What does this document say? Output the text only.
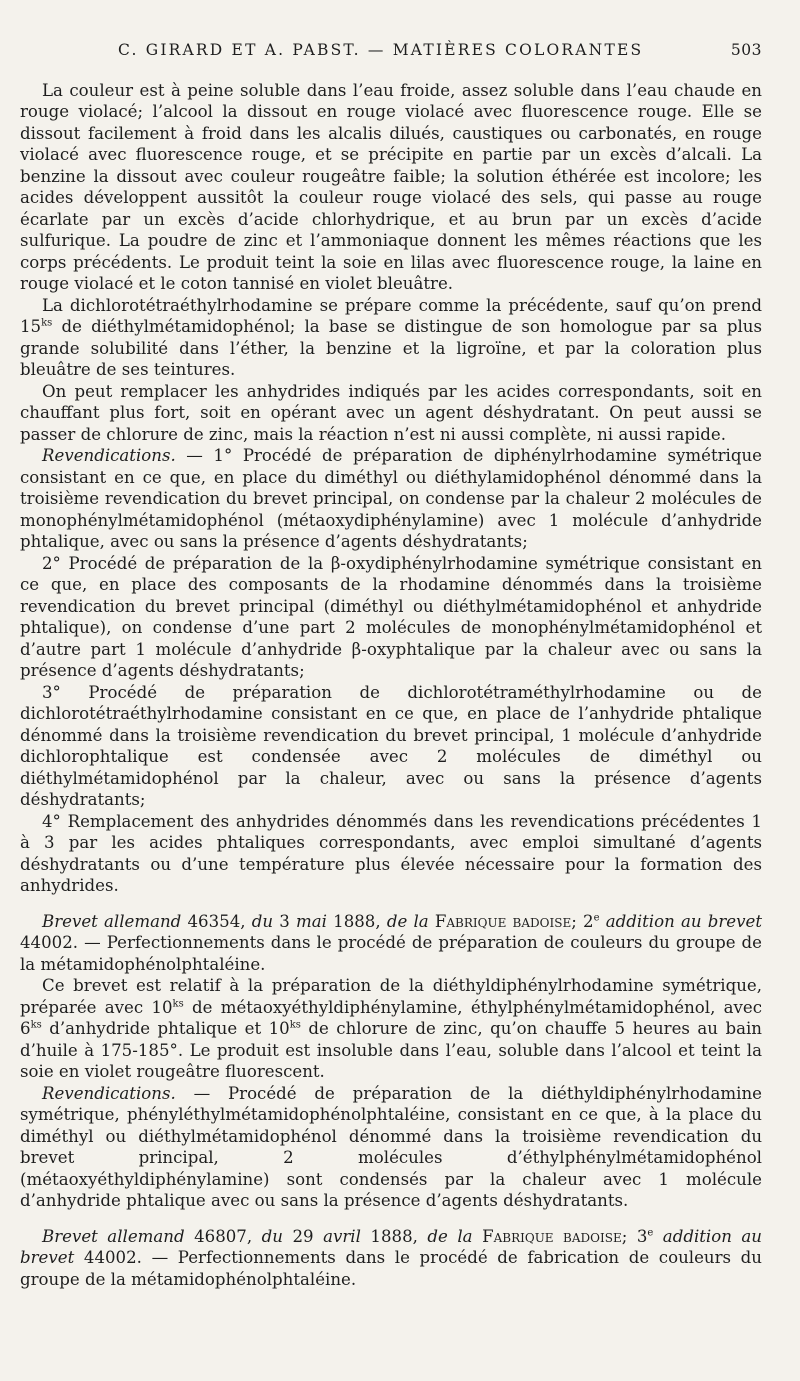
C. GIRARD ET A. PABST. — MATIÈRES COLORANTES	503

La couleur est à peine soluble dans l’eau froide, assez soluble dans l’eau chaude en rouge violacé; l’alcool la dissout en rouge violacé avec fluorescence rouge. Elle se dissout facilement à froid dans les alcalis dilués, caustiques ou carbonatés, en rouge violacé avec fluorescence rouge, et se précipite en partie par un excès d’alcali. La benzine la dissout avec couleur rougeâtre faible; la solution éthérée est incolore; les acides développent aussitôt la couleur rouge violacé des sels, qui passe au rouge écarlate par un excès d’acide chlorhydrique, et au brun par un excès d’acide sulfurique. La poudre de zinc et l’ammoniaque donnent les mêmes réactions que les corps précédents. Le produit teint la soie en lilas avec fluorescence rouge, la laine en rouge violacé et le coton tannisé en violet bleuâtre.

La dichlorotétraéthylrhodamine se prépare comme la précédente, sauf qu’on prend $15^{ks}$ de diéthylmétamidophénol; la base se distingue de son homologue par sa plus grande solubilité dans l’éther, la benzine et la ligroïne, et par la coloration plus bleuâtre de ses teintures.

On peut remplacer les anhydrides indiqués par les acides correspondants, soit en chauffant plus fort, soit en opérant avec un agent déshydratant. On peut aussi se passer de chlorure de zinc, mais la réaction n’est ni aussi complète, ni aussi rapide.

Revendications. — 1° Procédé de préparation de diphénylrhodamine symétrique consistant en ce que, en place du diméthyl ou diéthylamidophénol dénommé dans la troisième revendication du brevet principal, on condense par la chaleur 2 molécules de monophénylmétamidophénol (métaoxydiphénylamine) avec 1 molécule d’anhydride phtalique, avec ou sans la présence d’agents déshydratants;

2° Procédé de préparation de la β-oxydiphénylrhodamine symétrique consistant en ce que, en place des composants de la rhodamine dénommés dans la troisième revendication du brevet principal (diméthyl ou diéthylmétamidophénol et anhydride phtalique), on condense d’une part 2 molécules de monophénylmétamidophénol et d’autre part 1 molécule d’anhydride β-oxyphtalique par la chaleur avec ou sans la présence d’agents déshydratants;

3° Procédé de préparation de dichlorotétraméthylrhodamine ou de dichlorotétraéthylrhodamine consistant en ce que, en place de l’anhydride phtalique dénommé dans la troisième revendication du brevet principal, 1 molécule d’anhydride dichlorophtalique est condensée avec 2 molécules de diméthyl ou diéthylmétamidophénol par la chaleur, avec ou sans la présence d’agents déshydratants;

4° Remplacement des anhydrides dénommés dans les revendications précédentes 1 à 3 par les acides phtaliques correspondants, avec emploi simultané d’agents déshydratants ou d’une température plus élevée nécessaire pour la formation des anhydrides.

Brevet allemand 46354, du 3 mai 1888, de la Fabrique badoise; 2e addition au brevet 44002. — Perfectionnements dans le procédé de préparation de couleurs du groupe de la métamidophénolphtaléine.

Ce brevet est relatif à la préparation de la diéthyldiphénylrhodamine symétrique, préparée avec $10^{ks}$ de métaoxyéthyldiphénylamine, éthylphénylmétamidophénol, avec $6^{ks}$ d’anhydride phtalique et $10^{ks}$ de chlorure de zinc, qu’on chauffe 5 heures au bain d’huile à 175-185°. Le produit est insoluble dans l’eau, soluble dans l’alcool et teint la soie en violet rougeâtre fluorescent.

Revendications. — Procédé de préparation de la diéthyldiphénylrhodamine symétrique, phényléthylmétamidophénolphtaléine, consistant en ce que, à la place du diméthyl ou diéthylmétamidophénol dénommé dans la troisième revendication du brevet principal, 2 molécules d’éthylphénylmétamidophénol (métaoxyéthyldiphénylamine) sont condensés par la chaleur avec 1 molécule d’anhydride phtalique avec ou sans la présence d’agents déshydratants.

Brevet allemand 46807, du 29 avril 1888, de la Fabrique badoise; 3e addition au brevet 44002. — Perfectionnements dans le procédé de fabrication de couleurs du groupe de la métamidophénolphtaléine.
